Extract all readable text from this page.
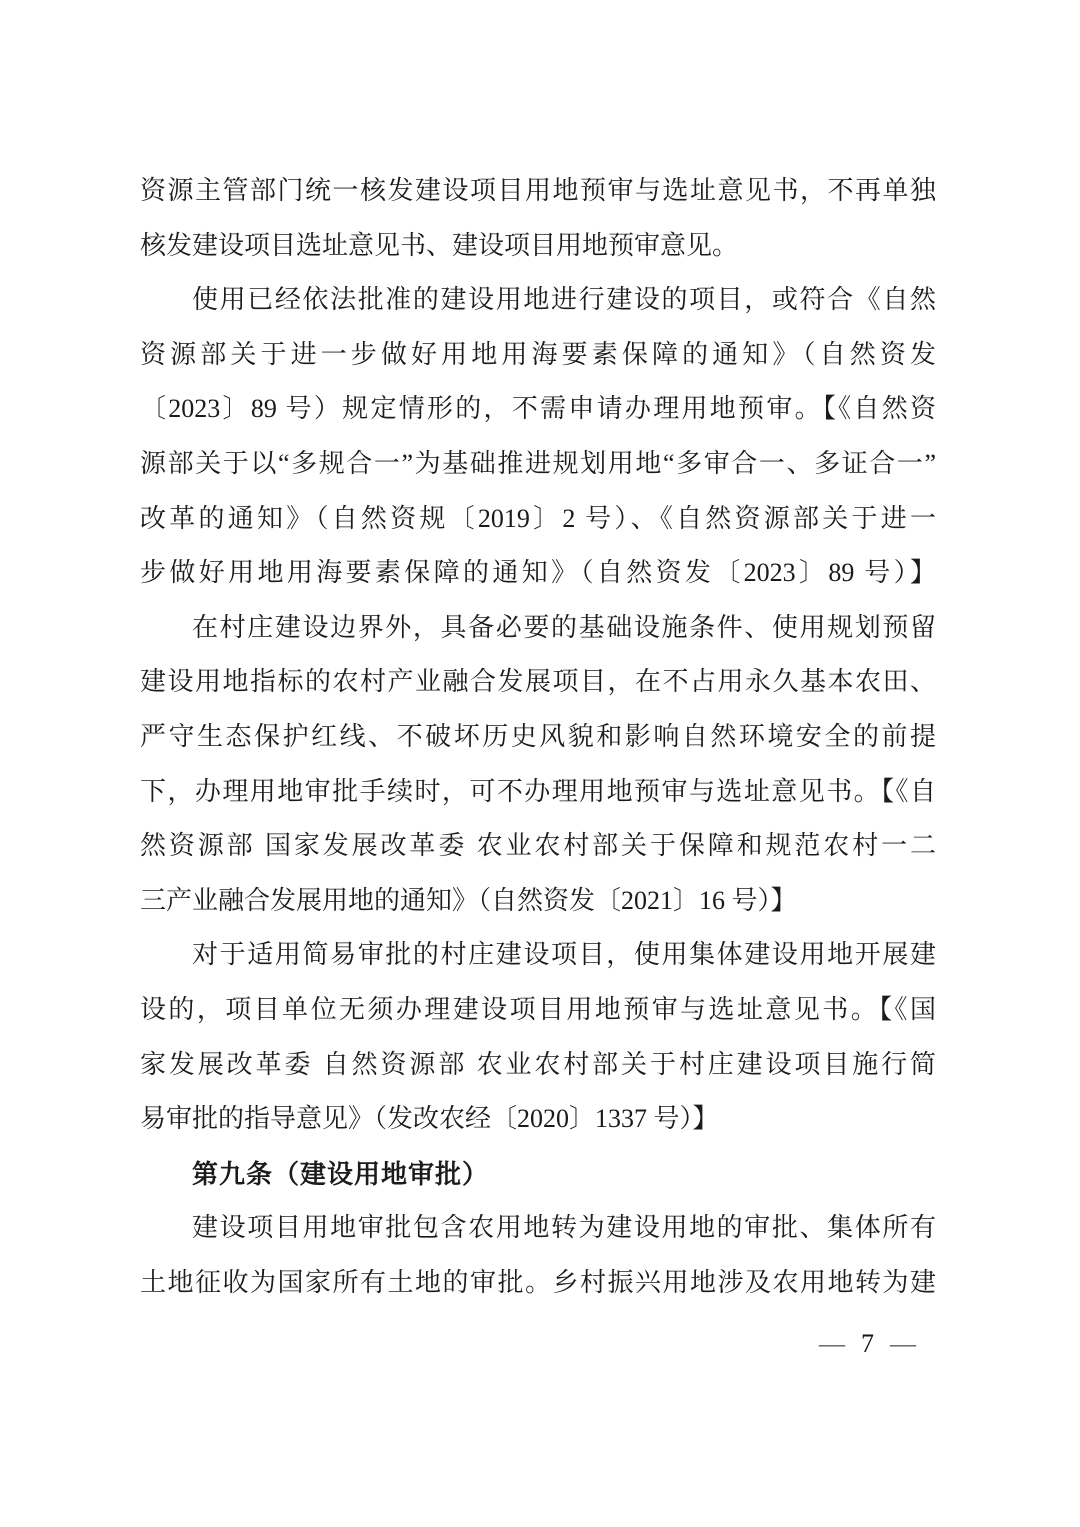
资源主管部门统一核发建设项目用地预审与选址意见书，不再单独
核发建设项目选址意见书、建设项目用地预审意见。
使用已经依法批准的建设用地进行建设的项目，或符合《自然
资源部关于进一步做好用地用海要素保障的通知》（自然资发
〔2023〕89 号）规定情形的，不需申请办理用地预审。【《自然资
源部关于以“多规合一”为基础推进规划用地“多审合一、多证合一”
改革的通知》（自然资规〔2019〕2 号）、《自然资源部关于进一
步做好用地用海要素保障的通知》（自然资发〔2023〕89 号）】
在村庄建设边界外，具备必要的基础设施条件、使用规划预留
建设用地指标的农村产业融合发展项目，在不占用永久基本农田、
严守生态保护红线、不破坏历史风貌和影响自然环境安全的前提
下，办理用地审批手续时，可不办理用地预审与选址意见书。【《自
然资源部 国家发展改革委 农业农村部关于保障和规范农村一二
三产业融合发展用地的通知》（自然资发〔2021〕16 号）】
对于适用简易审批的村庄建设项目，使用集体建设用地开展建
设的，项目单位无须办理建设项目用地预审与选址意见书。【《国
家发展改革委 自然资源部 农业农村部关于村庄建设项目施行简
易审批的指导意见》（发改农经〔2020〕1337 号）】
第九条（建设用地审批）
建设项目用地审批包含农用地转为建设用地的审批、集体所有
土地征收为国家所有土地的审批。乡村振兴用地涉及农用地转为建
— 7 —
